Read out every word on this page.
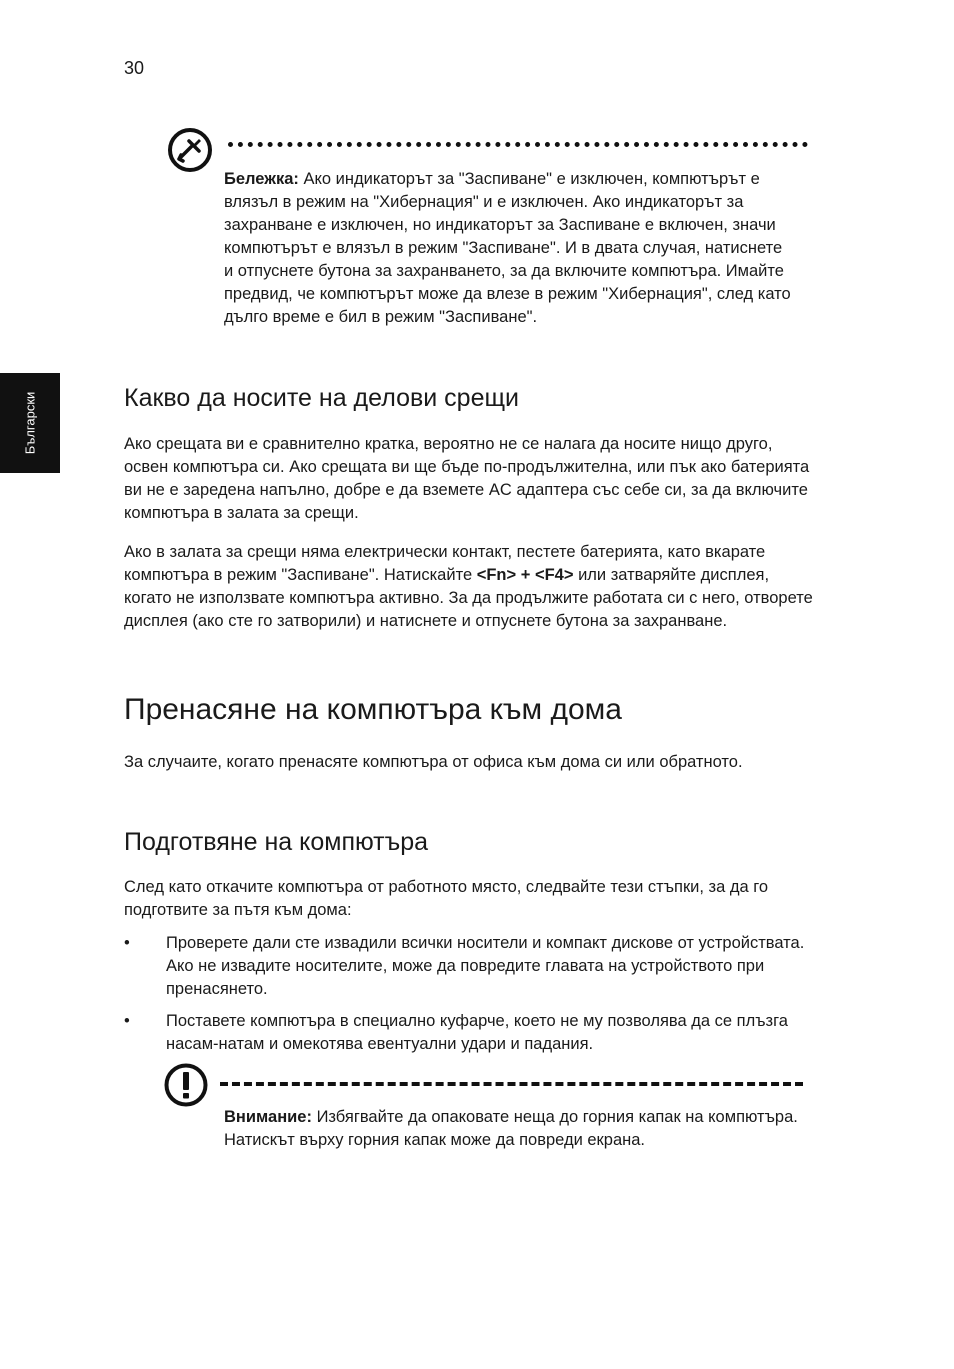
30
Български

Бележка: Ако индикаторът за "Заспиване" е изключен, компютърът е влязъл в режим на "Хибернация" и е изключен. Ако индикаторът за захранване е изключен, но индикаторът за Заспиване е включен, значи компютърът е влязъл в режим "Заспиване". И в двата случая, натиснете и отпуснете бутона за захранването, за да включите компютъра. Имайте предвид, че компютърът може да влезе в режим "Хибернация", след като дълго време е бил в режим "Заспиване".

Какво да носите на делови срещи

Ако срещата ви е сравнително кратка, вероятно не се налага да носите нищо друго, освен компютъра си. Ако срещата ви ще бъде по-продължителна, или пък ако батерията ви не е заредена напълно, добре е да вземете AC адаптера със себе си, за да включите компютъра в залата за срещи.

Ако в залата за срещи няма електрически контакт, пестете батерията, като вкарате компютъра в режим "Заспиване". Натискайте <Fn> + <F4> или затваряйте дисплея, когато не използвате компютъра активно. За да продължите работата си с него, отворете дисплея (ако сте го затворили) и натиснете и отпуснете бутона за захранване.

Пренасяне на компютъра към дома

За случаите, когато пренасяте компютъра от офиса към дома си или обратното.

Подготвяне на компютъра

След като откачите компютъра от работното място, следвайте тези стъпки, за да го подготвите за пътя към дома:

• Проверете дали сте извадили всички носители и компакт дискове от устройствата. Ако не извадите носителите, може да повредите главата на устройството при пренасянето.
• Поставете компютъра в специално куфарче, което не му позволява да се плъзга насам-натам и омекотява евентуални удари и падания.

Внимание: Избягвайте да опаковате неща до горния капак на компютъра. Натискът върху горния капак може да повреди екрана.
